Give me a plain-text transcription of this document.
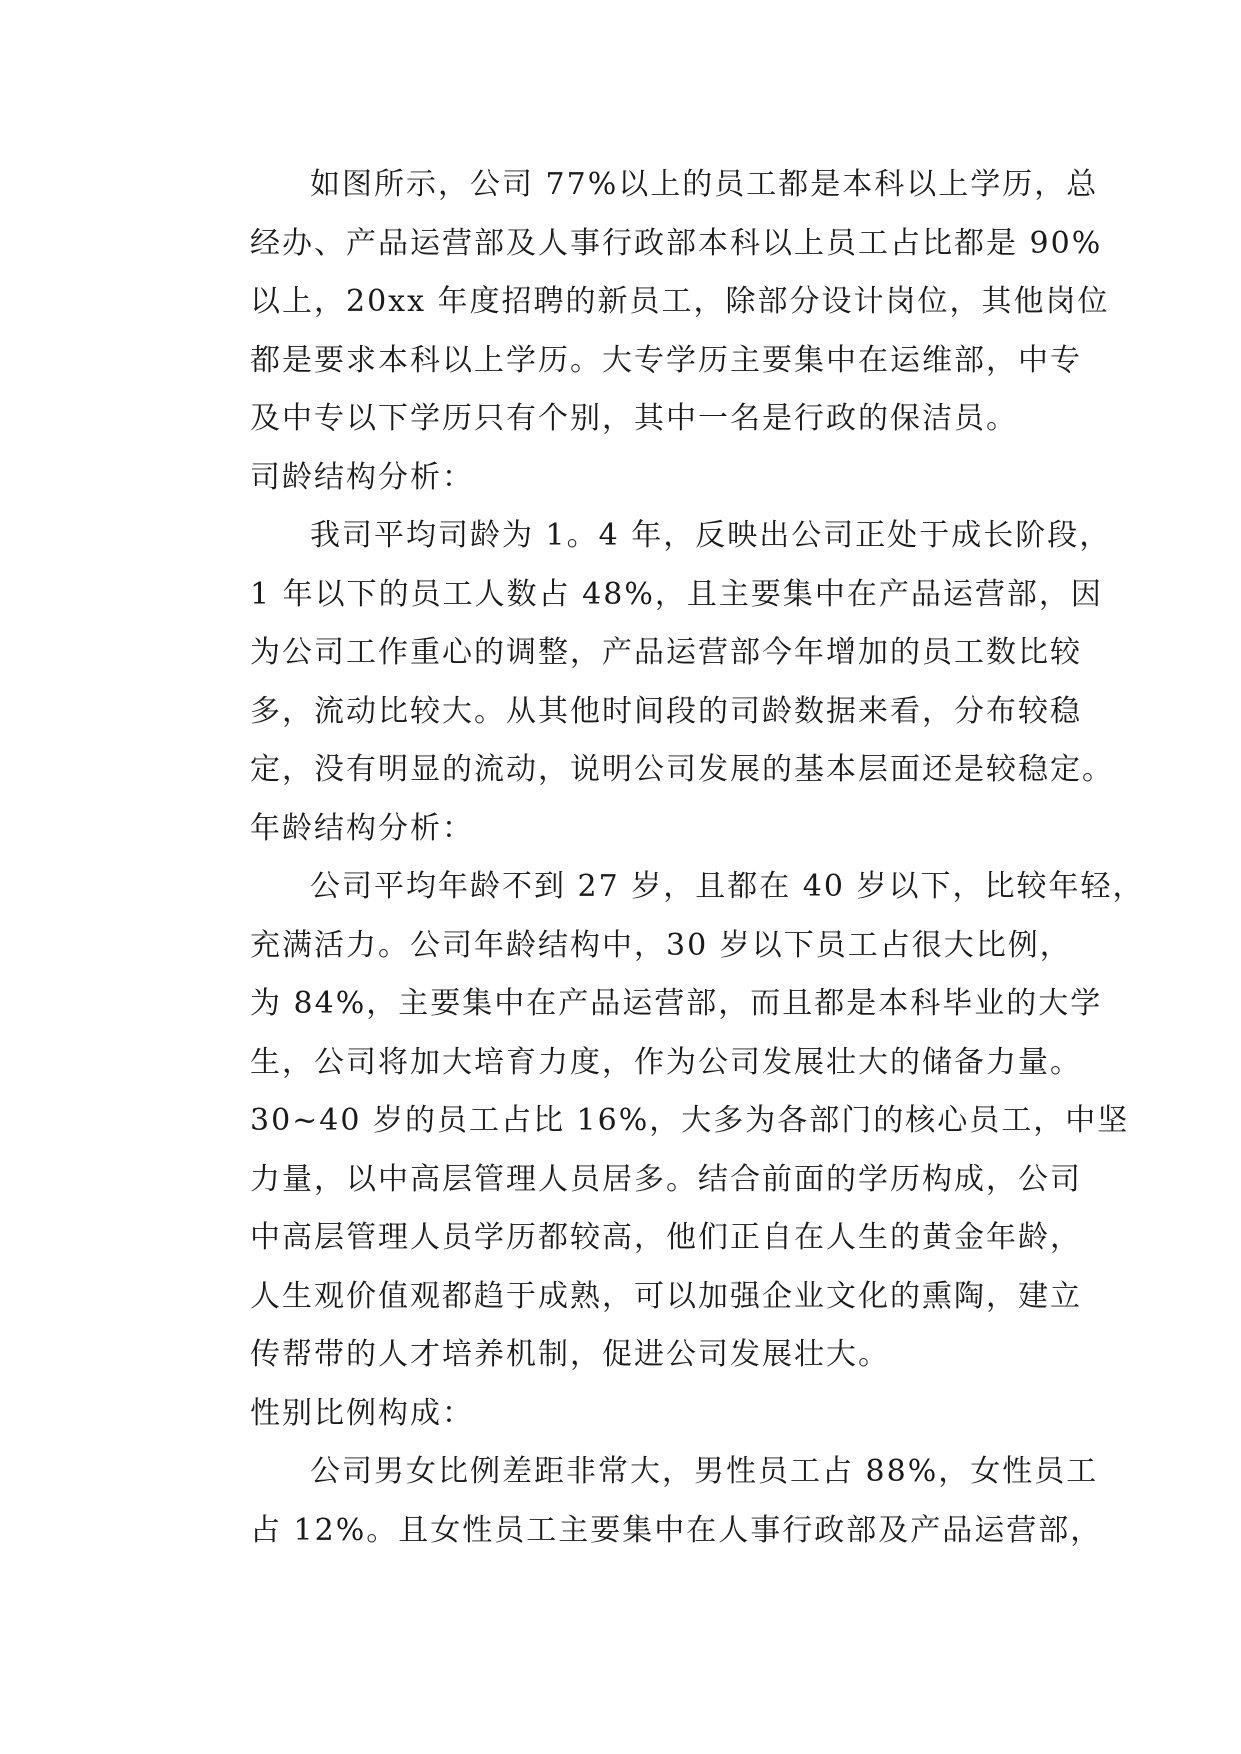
如图所示，公司 77%以上的员工都是本科以上学历，总
经办、产品运营部及人事行政部本科以上员工占比都是 90%
以上，20xx 年度招聘的新员工，除部分设计岗位，其他岗位
都是要求本科以上学历。大专学历主要集中在运维部，中专
及中专以下学历只有个别，其中一名是行政的保洁员。

司龄结构分析：

我司平均司龄为 1。4 年，反映出公司正处于成长阶段，
1 年以下的员工人数占 48%，且主要集中在产品运营部，因
为公司工作重心的调整，产品运营部今年增加的员工数比较
多，流动比较大。从其他时间段的司龄数据来看，分布较稳
定，没有明显的流动，说明公司发展的基本层面还是较稳定。

年龄结构分析：

公司平均年龄不到 27 岁，且都在 40 岁以下，比较年轻，
充满活力。公司年龄结构中，30 岁以下员工占很大比例，
为 84%，主要集中在产品运营部，而且都是本科毕业的大学
生，公司将加大培育力度，作为公司发展壮大的储备力量。
30~40 岁的员工占比 16%，大多为各部门的核心员工，中坚
力量，以中高层管理人员居多。结合前面的学历构成，公司
中高层管理人员学历都较高，他们正自在人生的黄金年龄，
人生观价值观都趋于成熟，可以加强企业文化的熏陶，建立
传帮带的人才培养机制，促进公司发展壮大。

性别比例构成：

公司男女比例差距非常大，男性员工占 88%，女性员工
占 12%。且女性员工主要集中在人事行政部及产品运营部，
